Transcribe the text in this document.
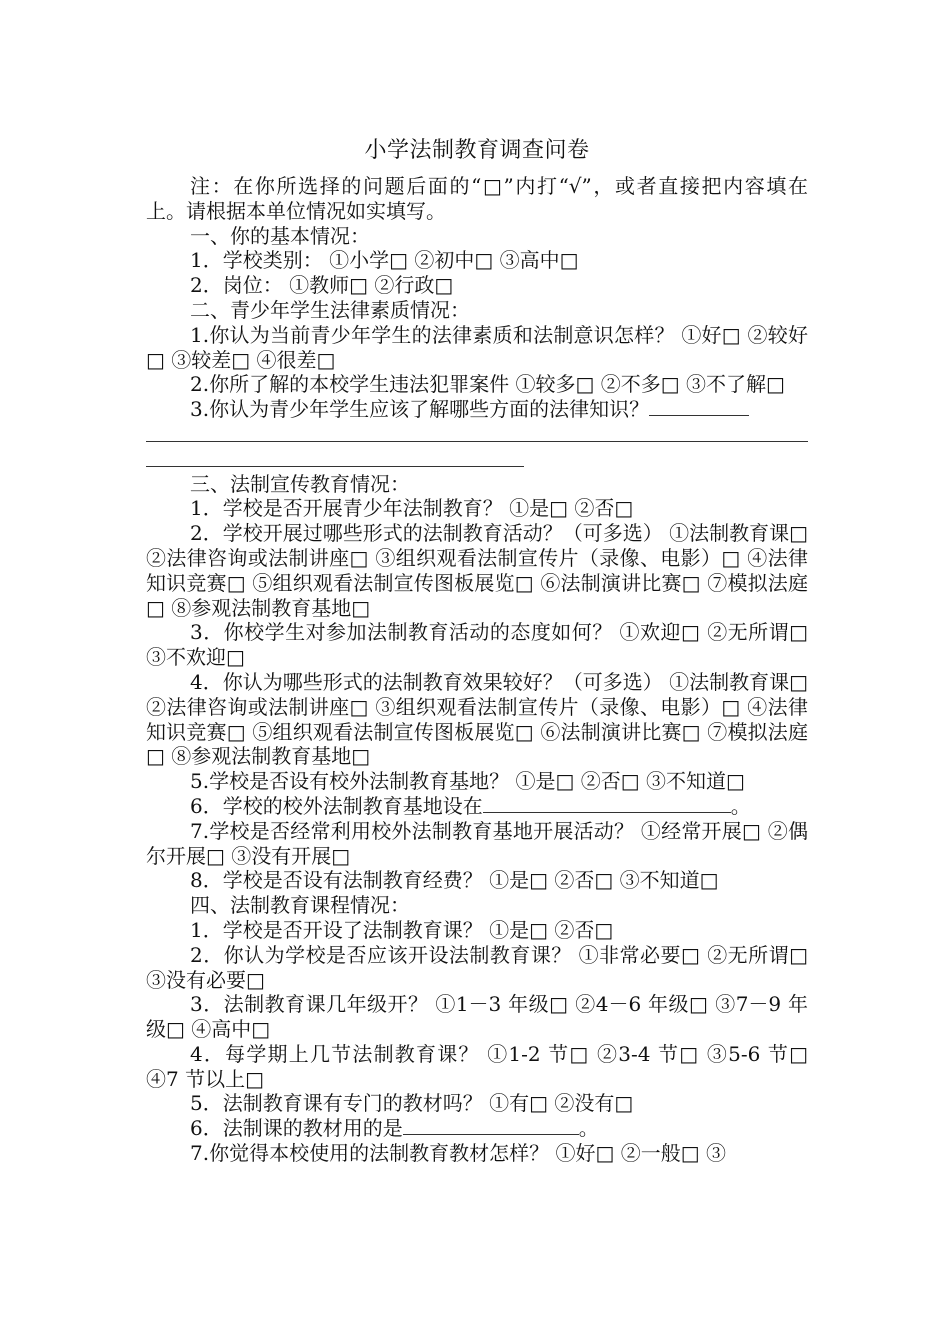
小学法制教育调查问卷

注：在你所选择的问题后面的“□”内打“√”，或者直接把内容填在 上。请根据本单位情况如实填写。

一、你的基本情况：

1．学校类别： ①小学□ ②初中□ ③高中□

2．岗位： ①教师□ ②行政□

二、青少年学生法律素质情况：

1.你认为当前青少年学生的法律素质和法制意识怎样？ ①好□ ②较好□ ③较差□ ④很差□

2.你所了解的本校学生违法犯罪案件 ①较多□ ②不多□ ③不了解□

3.你认为青少年学生应该了解哪些方面的法律知识？

三、法制宣传教育情况：

1．学校是否开展青少年法制教育？ ①是□ ②否□

2．学校开展过哪些形式的法制教育活动？（可多选） ①法制教育课□ ②法律咨询或法制讲座□ ③组织观看法制宣传片（录像、电影）□ ④法律知识竞赛□ ⑤组织观看法制宣传图板展览□ ⑥法制演讲比赛□ ⑦模拟法庭□ ⑧参观法制教育基地□

3．你校学生对参加法制教育活动的态度如何？ ①欢迎□ ②无所谓□ ③不欢迎□

4．你认为哪些形式的法制教育效果较好？（可多选） ①法制教育课□ ②法律咨询或法制讲座□ ③组织观看法制宣传片（录像、电影）□ ④法律知识竞赛□ ⑤组织观看法制宣传图板展览□ ⑥法制演讲比赛□ ⑦模拟法庭□ ⑧参观法制教育基地□

5.学校是否设有校外法制教育基地？ ①是□ ②否□ ③不知道□

6．学校的校外法制教育基地设在	。

7.学校是否经常利用校外法制教育基地开展活动？ ①经常开展□ ②偶尔开展□ ③没有开展□

8．学校是否设有法制教育经费？ ①是□ ②否□ ③不知道□

四、法制教育课程情况：

1．学校是否开设了法制教育课？ ①是□ ②否□

2．你认为学校是否应该开设法制教育课？ ①非常必要□ ②无所谓□ ③没有必要□

3．法制教育课几年级开？ ①1－3 年级□ ②4－6 年级□ ③7－9 年级□ ④高中□

4．每学期上几节法制教育课？ ①1-2 节□ ②3-4 节□ ③5-6 节□ ④7 节以上□

5．法制教育课有专门的教材吗？ ①有□ ②没有□

6．法制课的教材用的是	。

7.你觉得本校使用的法制教育教材怎样？ ①好□ ②一般□ ③
